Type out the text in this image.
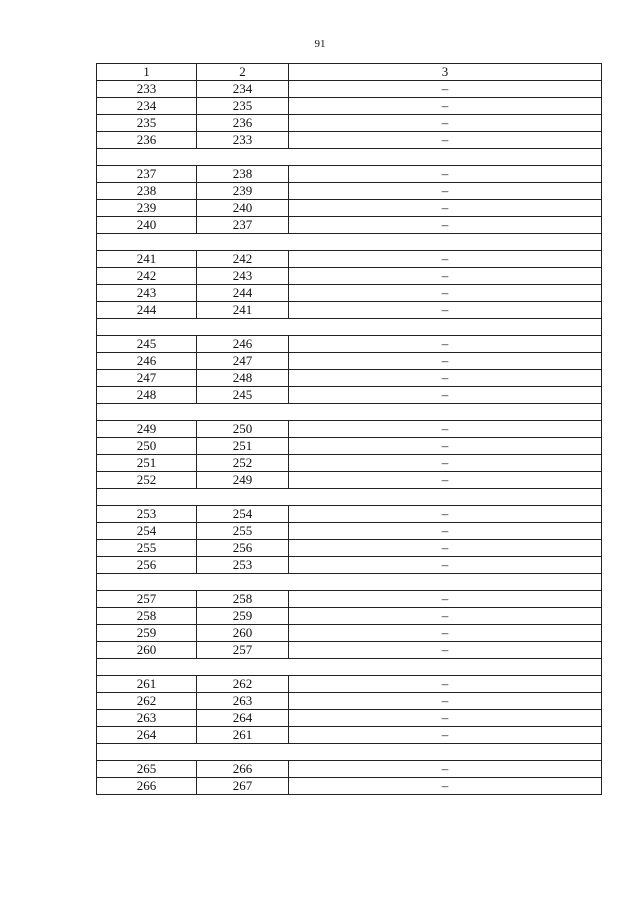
91
1	2	3
233	234	–
234	235	–
235	236	–
236	233	–

237	238	–
238	239	–
239	240	–
240	237	–

241	242	–
242	243	–
243	244	–
244	241	–

245	246	–
246	247	–
247	248	–
248	245	–

249	250	–
250	251	–
251	252	–
252	249	–

253	254	–
254	255	–
255	256	–
256	253	–

257	258	–
258	259	–
259	260	–
260	257	–

261	262	–
262	263	–
263	264	–
264	261	–

265	266	–
266	267	–
